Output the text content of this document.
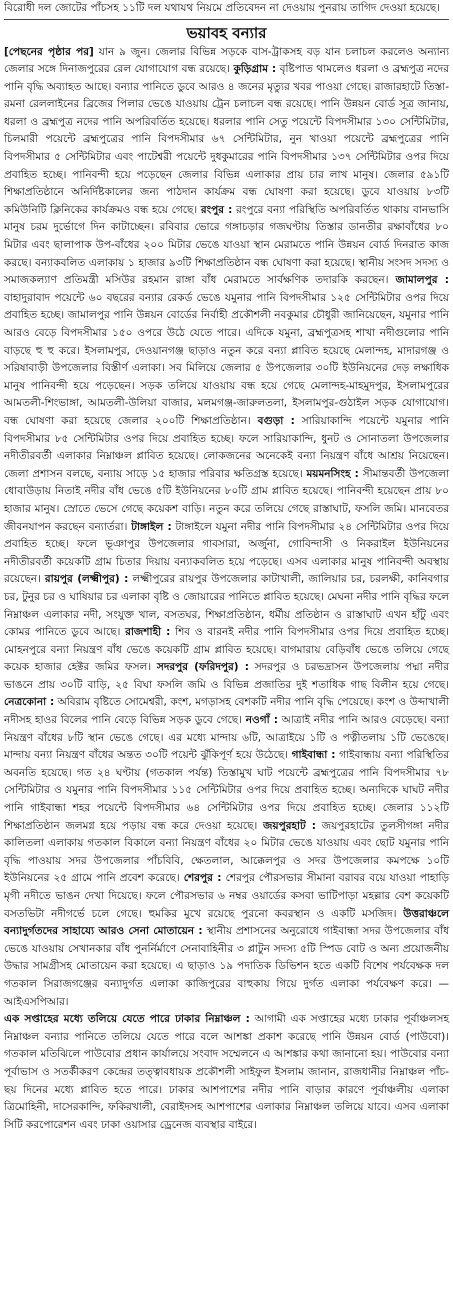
বিরোধী দল জোটের পাঁচসহ ১১টি দল যথাযথ নিয়মে প্রতিবেদন না দেওয়ায় পুনরায় তাগিদ দেওয়া হয়েছে।

ভয়াবহ বন্যার

[পেছনের পৃষ্ঠার পর] যান ৯ জুন। জেলার বিভিন্ন সড়কে বাস-ট্রাকসহ বড় যান চলাচল করলেও অন্যান্য জেলার সঙ্গে দিনাজপুরের রেল যোগাযোগ বন্ধ রয়েছে। কুড়িগ্রাম : বৃষ্টিপাত থামলেও ধরলা ও ব্রহ্মপুত্র নদের পানি বৃদ্ধি অব্যাহত আছে। বন্যার পানিতে ডুবে আরও ৪ জনের মৃত্যুর খবর পাওয়া গেছে। রাজারহাটে তিস্তা-রমনা রেললাইনের ব্রিজের পিলার ভেঙে যাওয়ায় ট্রেন চলাচল বন্ধ রয়েছে। পানি উন্নয়ন বোর্ড সূত্র জানায়, ধরলা ও ব্রহ্মপুত্র নদের পানি অপরিবর্তিত হয়েছে। ধরলার পানি সেতু পয়েন্টে বিপদসীমার ১৩০ সেন্টিমিটার, চিলমারী পয়েন্টে ব্রহ্মপুত্রের পানি বিপদসীমার ৬৭ সেন্টিমিটার, নুন খাওয়া পয়েন্টে ব্রহ্মপুত্রের পানি বিপদসীমার ৫ সেন্টিমিটার এবং পাটেশ্বরী পয়েন্টে দুধকুমারের পানি বিপদসীমার ১৩৭ সেন্টিমিটার ওপর দিয়ে প্রবাহিত হচ্ছে। পানিবন্দী হয়ে পড়েছেন জেলার বিভিন্ন এলাকার প্রায় চার লাখ মানুষ। জেলার ৫৯১টি শিক্ষাপ্রতিষ্ঠানে অনির্দিষ্টকালের জন্য পাঠদান কার্যক্রম বন্ধ ঘোষণা করা হয়েছে। ডুবে যাওয়ায় ৮৩টি কমিউনিটি ক্লিনিকের কার্যক্রমও বন্ধ হয়ে গেছে। রংপুর : রংপুরে বন্যা পরিস্থিতি অপরিবর্তিত থাকায় বানভাসি মানুষ চরম দুর্ভোগে দিন কাটাচ্ছেন। রবিবার ভোরে গঙ্গাচড়ার গজঘণ্টায় তিস্তার ডানতীর রক্ষাবাঁধের ৮০ মিটার এবং ছালাপাক উপ-বাঁধের ২০০ মিটার ভেঙে যাওয়া স্থান মেরামতে পানি উন্নয়ন বোর্ড দিনরাত কাজ করছে। বন্যাকবলিত এলাকায় ১ হাজার ৯৩টি শিক্ষাপ্রতিষ্ঠান বন্ধ ঘোষণা করা হয়েছে। স্থানীয় সংসদ সদস্য ও সমাজকল্যাণ প্রতিমন্ত্রী মসিউর রহমান রাঙ্গা বাঁধ মেরামতে সার্বক্ষণিক তদারকি করছেন। জামালপুর : বাহাদুরাবাদ পয়েন্টে ৬০ বছরের বন্যার রেকর্ড ভেঙে যমুনার পানি বিপদসীমার ১২৫ সেন্টিমিটার ওপর দিয়ে প্রবাহিত হচ্ছে। জামালপুর পানি উন্নয়ন বোর্ডের নির্বাহী প্রকৌশলী নবকুমার চৌধুরী জানিয়েছেন, যমুনার পানি আরও বেড়ে বিপদসীমার ১৫০ ওপরে উঠে যেতে পারে। এদিকে যমুনা, ব্রহ্মপুত্রসহ শাখা নদীগুলোর পানি বাড়ছে হু হু করে। ইসলামপুর, দেওয়ানগঞ্জ ছাড়াও নতুন করে বন্যা প্লাবিত হয়েছে মেলান্দহ, মাদারগঞ্জ ও সরিষাবাড়ী উপজেলার বিস্তীর্ণ এলাকা। সব মিলিয়ে জেলার ৫ উপজেলার ৩০টি ইউনিয়নের দেড় লক্ষাধিক মানুষ পানিবন্দী হয়ে পড়েছেন। সড়ক তলিয়ে যাওয়ায় বন্ধ হয়ে গেছে মেলান্দহ-মাহমুদপুর, ইসলামপুরের আমতলী-শিংভাঙ্গা, আমতলী-উলিয়া বাজার, মলমগঞ্জ-জারুলতলা, ইসলামপুর-গুঠাইল সড়ক যোগাযোগ। বন্ধ ঘোষণা করা হয়েছে জেলার ২০০টি শিক্ষাপ্রতিষ্ঠান। বগুড়া : সারিয়াকান্দি পয়েন্টে যমুনার পানি বিপদসীমার ৮৫ সেন্টিমিটার ওপর দিয়ে প্রবাহিত হচ্ছে। ফলে সারিয়াকান্দি, ধুনট ও সোনাতলা উপজেলার নদীতীরবর্তী এলাকার নিম্নাঞ্চল প্লাবিত হয়েছে। লোকজনের অনেকেই বন্যা নিয়ন্ত্রণ বাঁধে আশ্রয় নিয়েছেন। জেলা প্রশাসন বলছে, বন্যায় সাড়ে ১৫ হাজার পরিবার ক্ষতিগ্রস্ত হয়েছে। ময়মনসিংহ : সীমান্তবর্তী উপজেলা ধোবাউড়ায় নিতাই নদীর বাঁধ ভেঙে ৫টি ইউনিয়নের ৮০টি গ্রাম প্লাবিত হয়েছে। পানিবন্দী হয়েছেন প্রায় ৮০ হাজার মানুষ। স্রোতে ভেসে গেছে কয়েকশ বাড়ি। নতুন করে তলিয়ে গেছে রাস্তাঘাট, ফসলি জমি। মানবেতর জীবনযাপন করছেন বন্যার্তরা। টাঙ্গাইল : টাঙ্গাইলে যমুনা নদীর পানি বিপদসীমার ২৪ সেন্টিমিটার ওপর দিয়ে প্রবাহিত হচ্ছে। ফলে ভূঞাপুর উপজেলার গাবসারা, অর্জুনা, গোবিন্দাসী ও নিকরাইল ইউনিয়নের নদীতীরবর্তী কয়েকটি গ্রাম চিতার দিয়ায় বন্যাকবলিত হয়ে পড়েছে। এসব এলাকার মানুষ পানিবন্দী অবস্থায় রয়েছেন। রায়পুর (লক্ষ্মীপুর) : লক্ষ্মীপুরের রায়পুর উপজেলার কাটাখালী, জালিয়ার চর, চরলক্ষী, কানিবগার চর, টুনুর চর ও ঘাষিয়ার চর এলাকা বৃষ্টি ও জোয়ারের পানিতে প্লাবিত হয়েছে। মেঘনা নদীর পানি বৃদ্ধির ফলে নিম্নাঞ্চল এলাকার নদী, সংযুক্ত খাল, বসতঘর, শিক্ষাপ্রতিষ্ঠান, ধর্মীয় প্রতিষ্ঠান ও রাস্তাঘাট এখন হাঁটু এবং কোমর পানিতে ডুবে আছে। রাজশাহী : শিব ও বারনই নদীর পানি বিপদসীমার ওপর দিয়ে প্রবাহিত হচ্ছে। মোহনপুরে বন্যা নিয়ন্ত্রণ বাঁধ ভেঙে কয়েকটি গ্রাম প্লাবিত হয়েছে। বাগমারায় বেড়িবাঁধ ভেঙে তলিয়ে গেছে কয়েক হাজার হেক্টর জমির ফসল। সদরপুর (ফরিদপুর) : সদরপুর ও চরভদ্রাসন উপজেলায় পদ্মা নদীর ভাঙনে প্রায় ৩০টি বাড়ি, ২৫ বিঘা ফসলি জমি ও বিভিন্ন প্রজাতির দুই শতাধিক গাছ বিলীন হয়ে গেছে। নেত্রকোনা : অবিরাম বৃষ্টিতে সোমেশ্বরী, কংশ, মগড়াসহ বেশকটি নদীর পানি বৃদ্ধি পেয়েছে। কংশ ও উব্দাখালী নদীসহ হাওর বিলের পানি বেড়ে বিভিন্ন সড়ক ডুবে গেছে। নওগাঁ : আত্রাই নদীর পানি আরও বেড়েছে। বন্যা নিয়ন্ত্রণ বাঁধের ৮টি স্থান ভেঙে গেছে। এর মধ্যে মান্দায় ৬টি, আত্রাইয়ে ১টি ও পত্নীতলায় ১টি ভেঙেছে। মান্দায় বন্যা নিয়ন্ত্রণ বাঁধের অন্তত ৩০টি পয়েন্ট ঝুঁকিপূর্ণ হয়ে উঠেছে। গাইবান্ধা : গাইবান্ধায় বন্যা পরিস্থিতির অবনতি হয়েছে। গত ২৪ ঘণ্টায় (গতকাল পর্যন্ত) তিস্তামুখ ঘাট পয়েন্টে ব্রহ্মপুত্রের পানি বিপদসীমার ৭৮ সেন্টিমিটার ও যমুনার পানি বিপদসীমার ১১৫ সেন্টিমিটার ওপর দিয়ে প্রবাহিত হচ্ছে। অন্যদিকে ঘাঘট নদীর পানি গাইবান্ধা শহর পয়েন্টে বিপদসীমার ৬৪ সেন্টিমিটার ওপর দিয়ে প্রবাহিত হচ্ছে। জেলার ১১২টি শিক্ষাপ্রতিষ্ঠান জলমগ্ন হয়ে পড়ায় বন্ধ করে দেওয়া হয়েছে। জয়পুরহাট : জয়পুরহাটের তুলসীগঙ্গা নদীর কালিতলা এলাকায় গতকাল বিকালে বন্যা নিয়ন্ত্রণ বাঁধের ২০ মিটার ভেঙে যাওয়ায় এবং ছোট যমুনার পানি বৃদ্ধি পাওয়ায় সদর উপজেলার পাঁচবিবি, ক্ষেতলাল, আক্কেলপুর ও সদর উপজেলার কমপক্ষে ১০টি ইউনিয়নের ২৫ গ্রামে পানি প্রবেশ করেছে। শেরপুর : শেরপুর পৌরসভার সীমানা বরাবর বয়ে যাওয়া পাহাড়ি মৃগী নদীতে ভাঙন দেখা দিয়েছে। ফলে পৌরসভার ৬ নম্বর ওয়ার্ডের কসবা ভাটিপাড়া মহল্লার বেশ কয়েকটি বসতভিটা নদীগর্ভে চলে গেছে। হুমকির মুখে রয়েছে পুরনো কবরস্থান ও একটি মসজিদ। উত্তরাঞ্চলে বন্যাদুর্গতদের সাহায্যে আরও সেনা মোতায়েন : স্থানীয় প্রশাসনের অনুরোধে গাইবান্ধা সদর উপজেলার বাঁধ ভেঙে যাওয়ায় সেখানকার বাঁধ পুনর্নির্মাণে সেনাবাহিনীর ৩ প্লাটুন সদস্য ৫টি স্পিড বোট ও অন্য প্রয়োজনীয় উদ্ধার সামগ্রীসহ মোতায়েন করা হয়েছে। এ ছাড়াও ১৯ পদাতিক ডিভিশন হতে একটি বিশেষ পর্যবেক্ষক দল গতকাল সিরাজগঞ্জের বন্যাদুর্গত এলাকা কাজিপুরের বাহুকায় গিয়ে দুর্গত এলাকা পর্যবেক্ষণ করে। — আইএসপিআর।

এক সপ্তাহের মধ্যে তলিয়ে যেতে পারে ঢাকার নিম্নাঞ্চল : আগামী এক সপ্তাহের মধ্যে ঢাকার পূর্বাঞ্চলসহ নিম্নাঞ্চল বন্যার পানিতে তলিয়ে যেতে পারে বলে আশঙ্কা প্রকাশ করেছে পানি উন্নয়ন বোর্ড (পাউবো)। গতকাল মতিঝিলে পাউবোর প্রধান কার্যালয়ে সংবাদ সম্মেলনে এ আশঙ্কার কথা জানানো হয়। পাউবোর বন্যা পূর্বাভাস ও সতর্কীকরণ কেন্দ্রের তত্ত্বাবধায়ক প্রকৌশলী সাইফুল ইসলাম জানান, রাজধানীর নিম্নাঞ্চল পাঁচ-ছয় দিনের মধ্যে প্লাবিত হতে পারে। ঢাকার আশপাশের নদীর পানি বাড়ার কারণে পূর্বাঞ্চলীয় এলাকা ত্রিমোহিনী, দাসেরকান্দি, ফকিরখালী, বেরাইদসহ আশপাশের এলাকার নিম্নাঞ্চল তলিয়ে যাবে। এসব এলাকা সিটি করপোরেশন এবং ঢাকা ওয়াসার ড্রেনেজ ব্যবস্থার বাইরে।
